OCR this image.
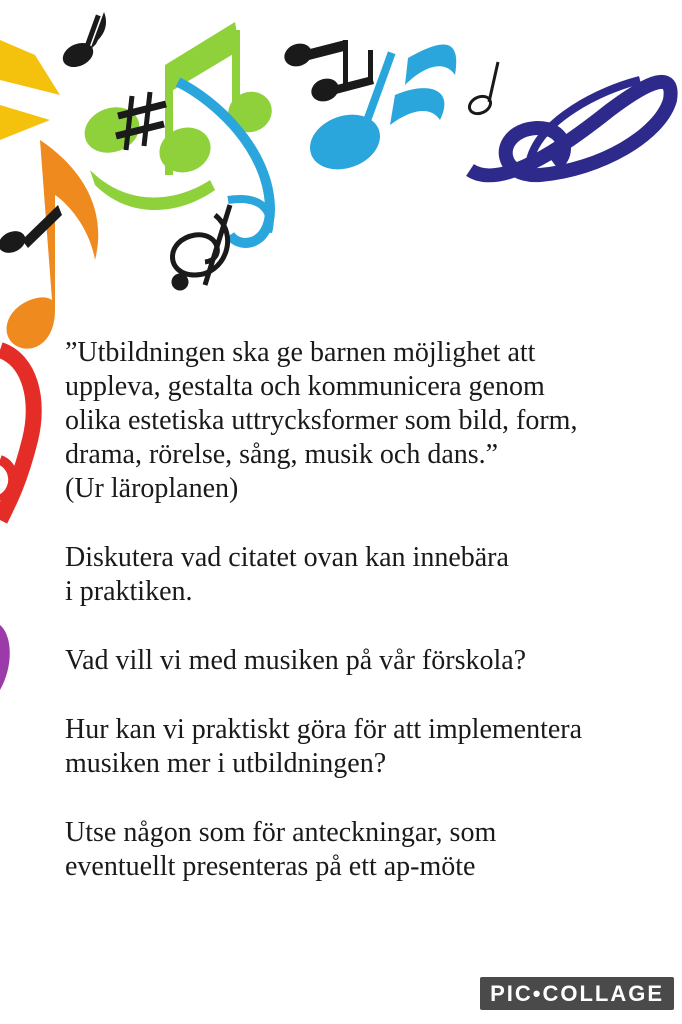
”Utbildningen ska ge barnen möjlighet att
uppleva, gestalta och kommunicera genom
olika estetiska uttrycksformer som bild, form,
drama, rörelse, sång, musik och dans.”

(Ur läroplanen)

Diskutera vad citatet ovan kan innebära
i praktiken.

Vad vill vi med musiken på vår förskola?

Hur kan vi praktiskt göra för att implementera
musiken mer i utbildningen?

Utse någon som för anteckningar, som
eventuellt presenteras på ett ap-möte

PIC•COLLAGE
